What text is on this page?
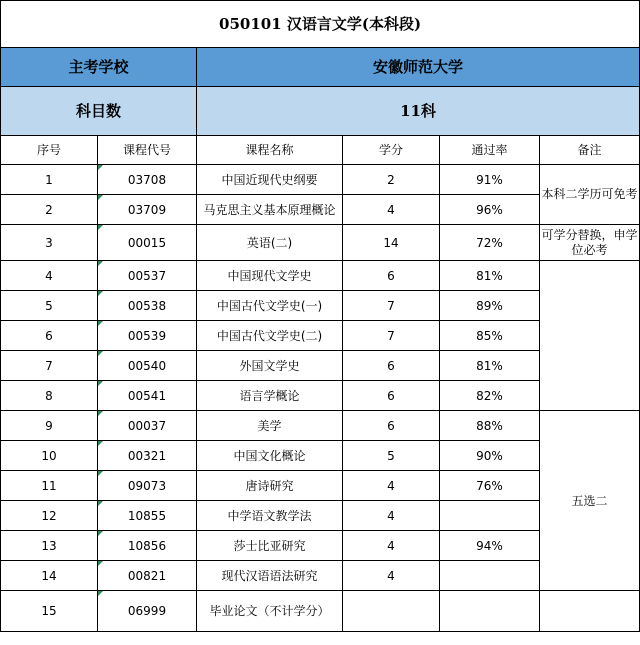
050101 汉语言文学(本科段)					
主考学校		安徽师范大学			
科目数		11科			
序号	课程代号	课程名称	学分	通过率	备注
1	03708	中国近现代史纲要	2	91%	本科二学历可免考
2	03709	马克思主义基本原理概论	4	96%	
3	00015	英语(二)	14	72%	可学分替换，申学位必考
4	00537	中国现代文学史	6	81%	
5	00538	中国古代文学史(一)	7	89%	
6	00539	中国古代文学史(二)	7	85%	
7	00540	外国文学史	6	81%	
8	00541	语言学概论	6	82%	
9	00037	美学	6	88%	五选二
10	00321	中国文化概论	5	90%	
11	09073	唐诗研究	4	76%	
12	10855	中学语文教学法	4		
13	10856	莎士比亚研究	4	94%	
14	00821	现代汉语语法研究	4		
15	06999	毕业论文（不计学分）			
